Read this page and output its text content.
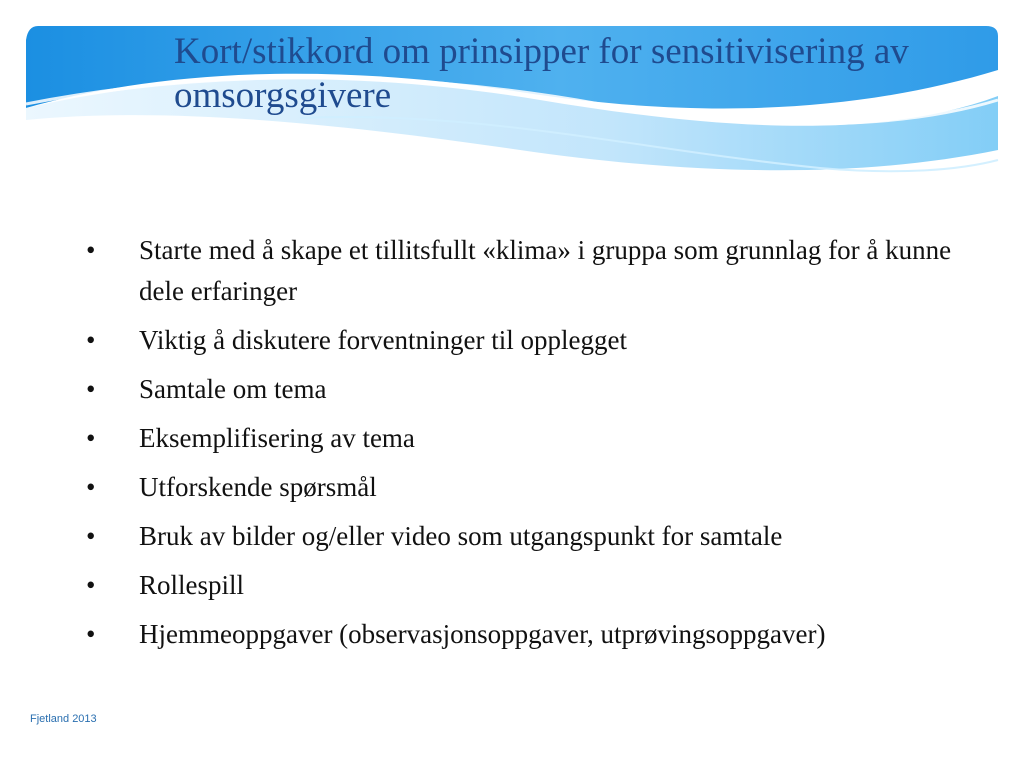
Kort/stikkord om prinsipper for sensitivisering av omsorgsgivere
• Starte med å skape et tillitsfullt «klima» i gruppa som grunnlag for å kunne dele erfaringer
• Viktig å diskutere forventninger til opplegget
• Samtale om tema
• Eksemplifisering av tema
• Utforskende spørsmål
• Bruk av bilder og/eller video som utgangspunkt for samtale
• Rollespill
• Hjemmeoppgaver (observasjonsoppgaver, utprøvingsoppgaver)
Fjetland 2013
